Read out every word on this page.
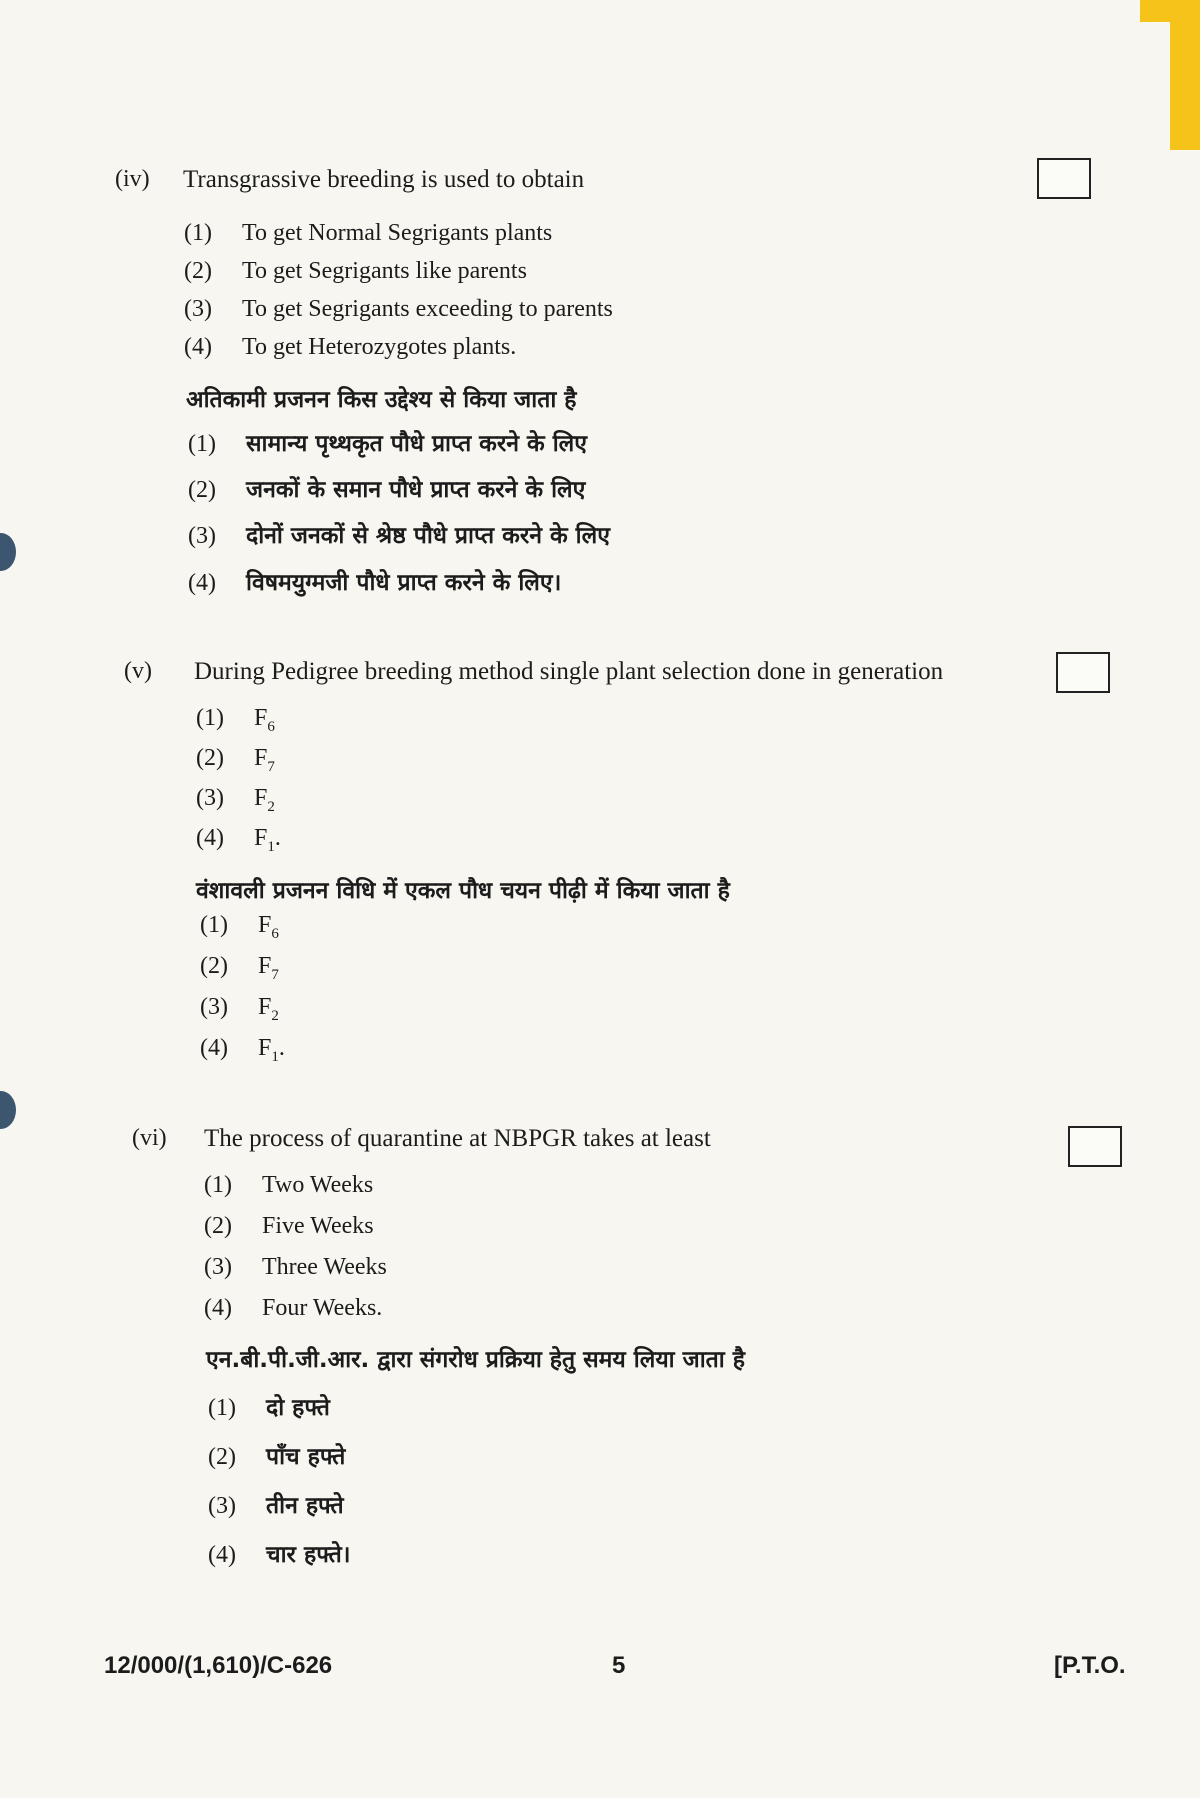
(iv) Transgrassive breeding is used to obtain
(1) To get Normal Segrigants plants
(2) To get Segrigants like parents
(3) To get Segrigants exceeding to parents
(4) To get Heterozygotes plants.
अतिकामी प्रजनन किस उद्देश्य से किया जाता है
(1) सामान्य पृथ्थकृत पौधे प्राप्त करने के लिए
(2) जनकों के समान पौधे प्राप्त करने के लिए
(3) दोनों जनकों से श्रेष्ठ पौधे प्राप्त करने के लिए
(4) विषमयुग्मजी पौधे प्राप्त करने के लिए।
(v) During Pedigree breeding method single plant selection done in generation
(1) $F_6$
(2) $F_7$
(3) $F_2$
(4) $F_1$.
वंशावली प्रजनन विधि में एकल पौध चयन पीढ़ी में किया जाता है
(1) $F_6$
(2) $F_7$
(3) $F_2$
(4) $F_1$.
(vi) The process of quarantine at NBPGR takes at least
(1) Two Weeks
(2) Five Weeks
(3) Three Weeks
(4) Four Weeks.
एन.बी.पी.जी.आर. द्वारा संगरोध प्रक्रिया हेतु समय लिया जाता है
(1) दो हफ्ते
(2) पाँच हफ्ते
(3) तीन हफ्ते
(4) चार हफ्ते।
12/000/(1,610)/C-626	5	[P.T.O.
